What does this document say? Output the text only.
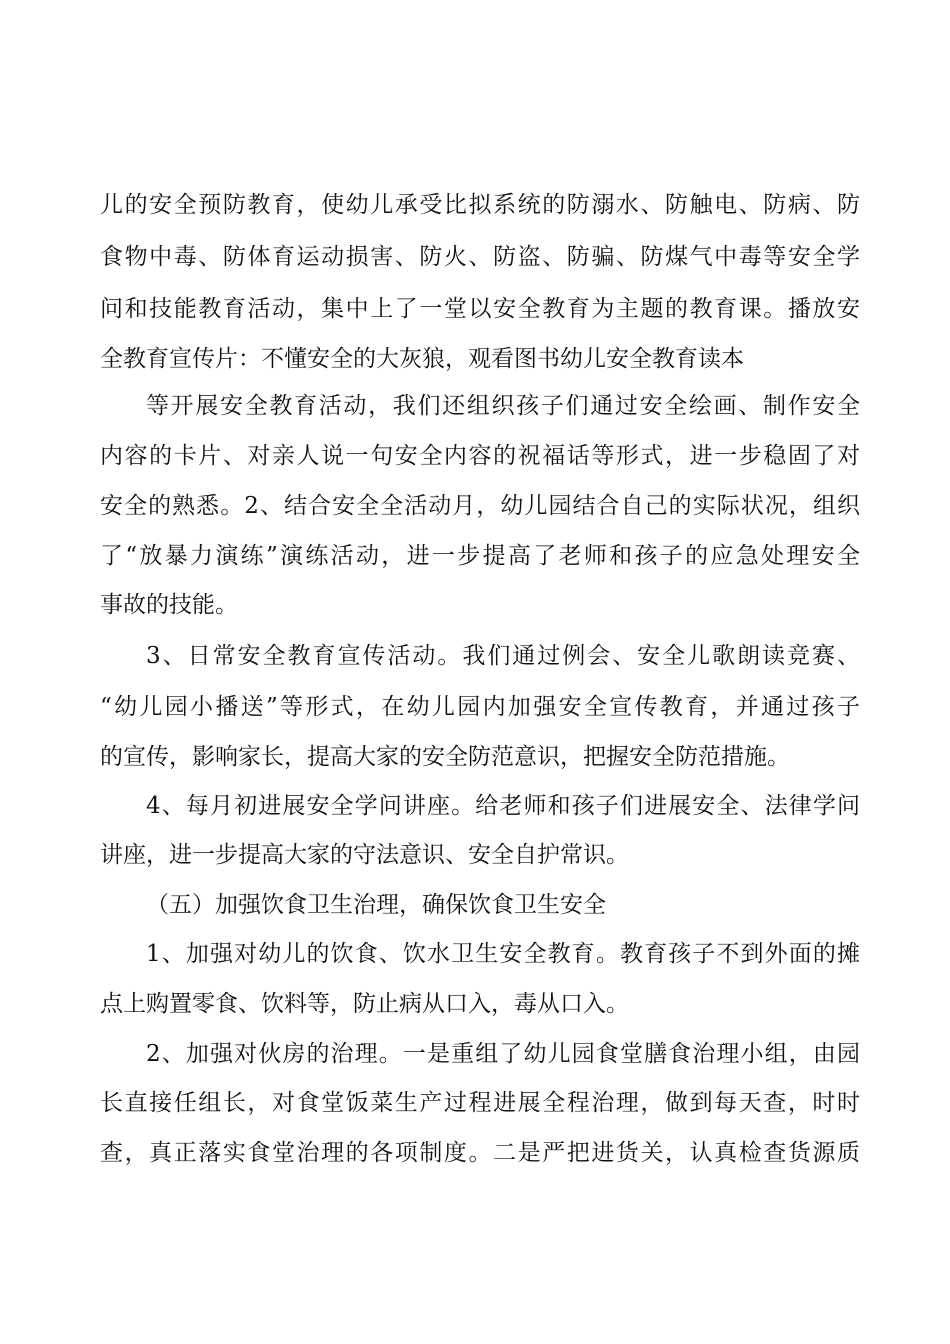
儿的安全预防教育，使幼儿承受比拟系统的防溺水、防触电、防病、防
食物中毒、防体育运动损害、防火、防盗、防骗、防煤气中毒等安全学
问和技能教育活动，集中上了一堂以安全教育为主题的教育课。播放安
全教育宣传片：不懂安全的大灰狼，观看图书幼儿安全教育读本
等开展安全教育活动，我们还组织孩子们通过安全绘画、制作安全
内容的卡片、对亲人说一句安全内容的祝福话等形式，进一步稳固了对
安全的熟悉。2、结合安全全活动月，幼儿园结合自己的实际状况，组织
了“放暴力演练”演练活动，进一步提高了老师和孩子的应急处理安全
事故的技能。
3、日常安全教育宣传活动。我们通过例会、安全儿歌朗读竞赛、
“幼儿园小播送”等形式，在幼儿园内加强安全宣传教育，并通过孩子
的宣传，影响家长，提高大家的安全防范意识，把握安全防范措施。
4、每月初进展安全学问讲座。给老师和孩子们进展安全、法律学问
讲座，进一步提高大家的守法意识、安全自护常识。
（五）加强饮食卫生治理，确保饮食卫生安全
1、加强对幼儿的饮食、饮水卫生安全教育。教育孩子不到外面的摊
点上购置零食、饮料等，防止病从口入，毒从口入。
2、加强对伙房的治理。一是重组了幼儿园食堂膳食治理小组，由园
长直接任组长，对食堂饭菜生产过程进展全程治理，做到每天查，时时
查，真正落实食堂治理的各项制度。二是严把进货关，认真检查货源质
